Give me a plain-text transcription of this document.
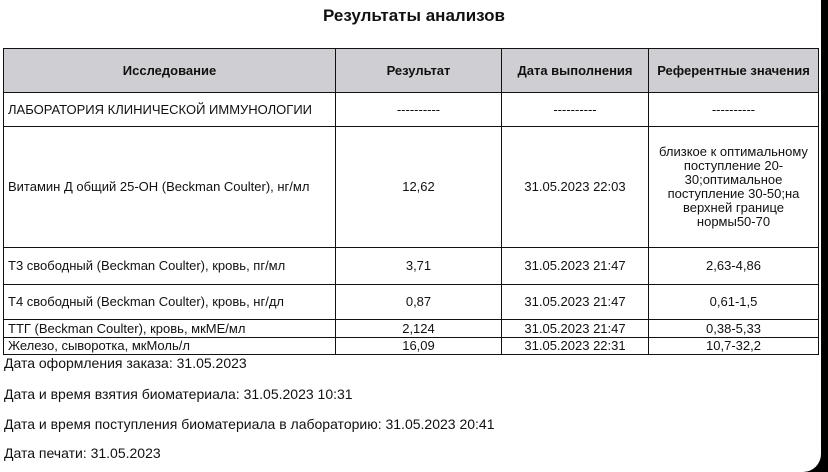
Результаты анализов
Исследование	Результат	Дата выполнения	Референтные значения
ЛАБОРАТОРИЯ КЛИНИЧЕСКОЙ ИММУНОЛОГИИ	----------	----------	----------
Витамин Д общий 25-OH (Beckman Coulter), нг/мл	12,62	31.05.2023 22:03	близкое к оптимальному поступление 20-30;оптимальное поступление 30-50;на верхней границе нормы50-70
Т3 свободный (Beckman Coulter), кровь, пг/мл	3,71	31.05.2023 21:47	2,63-4,86
Т4 свободный (Beckman Coulter), кровь, нг/дл	0,87	31.05.2023 21:47	0,61-1,5
ТТГ (Beckman Coulter), кровь, мкМЕ/мл	2,124	31.05.2023 21:47	0,38-5,33
Железо, сыворотка, мкМоль/л	16,09	31.05.2023 22:31	10,7-32,2
Дата оформления заказа: 31.05.2023
Дата и время взятия биоматериала: 31.05.2023 10:31
Дата и время поступления биоматериала в лабораторию: 31.05.2023 20:41
Дата печати: 31.05.2023
